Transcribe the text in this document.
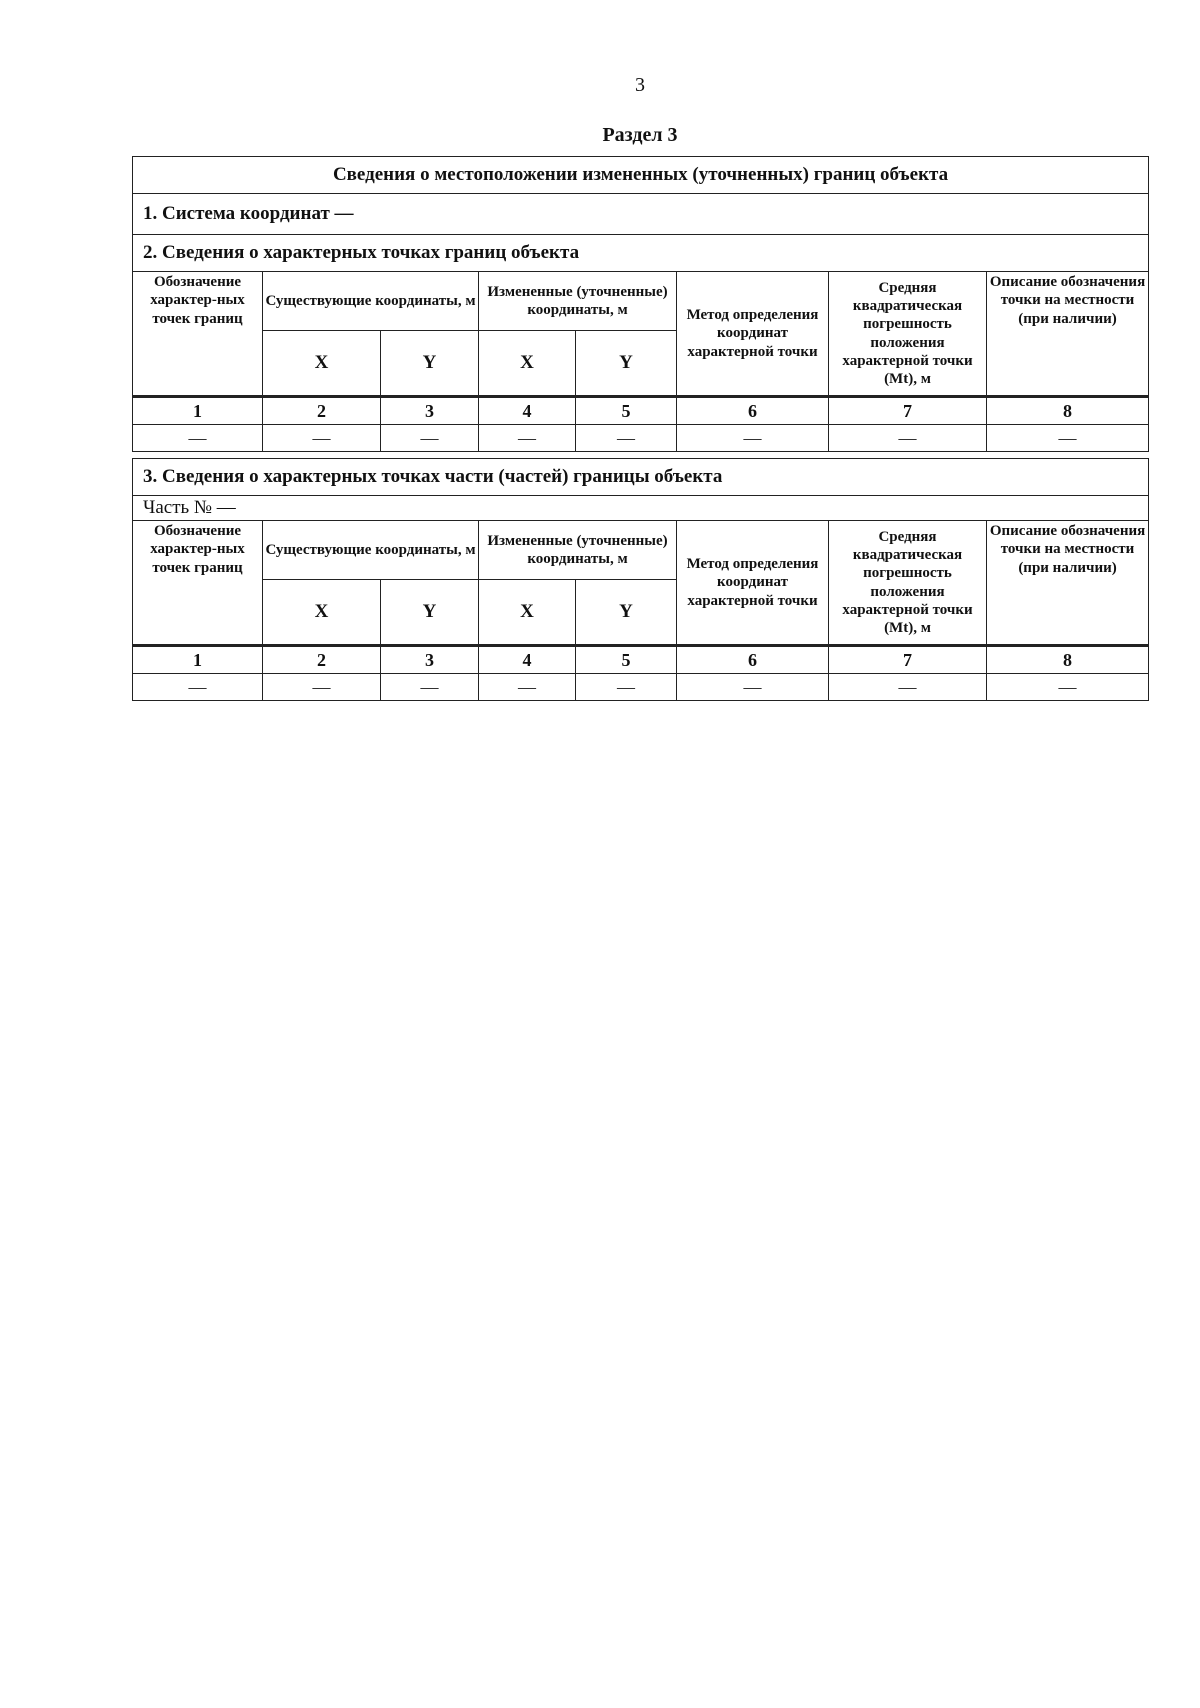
3
Раздел 3
Сведения о местоположении измененных (уточненных) границ объекта							
1. Система координат —							
2. Сведения о характерных точках границ объекта							
Обозначение характер-ных точек границ	Существующие координаты, м		Измененные (уточненные) координаты, м		Метод определения координат характерной точки	Средняя квадратическая погрешность положения характерной точки (Мt), м	Описание обозначения точки на местности (при наличии)
	X	Y	X	Y			
1	2	3	4	5	6	7	8
—	—	—	—	—	—	—	—
3. Сведения о характерных точках части (частей) границы объекта							
Часть № —							
Обозначение характер-ных точек границ	Существующие координаты, м		Измененные (уточненные) координаты, м		Метод определения координат характерной точки	Средняя квадратическая погрешность положения характерной точки (Мt), м	Описание обозначения точки на местности (при наличии)
	X	Y	X	Y			
1	2	3	4	5	6	7	8
—	—	—	—	—	—	—	—
